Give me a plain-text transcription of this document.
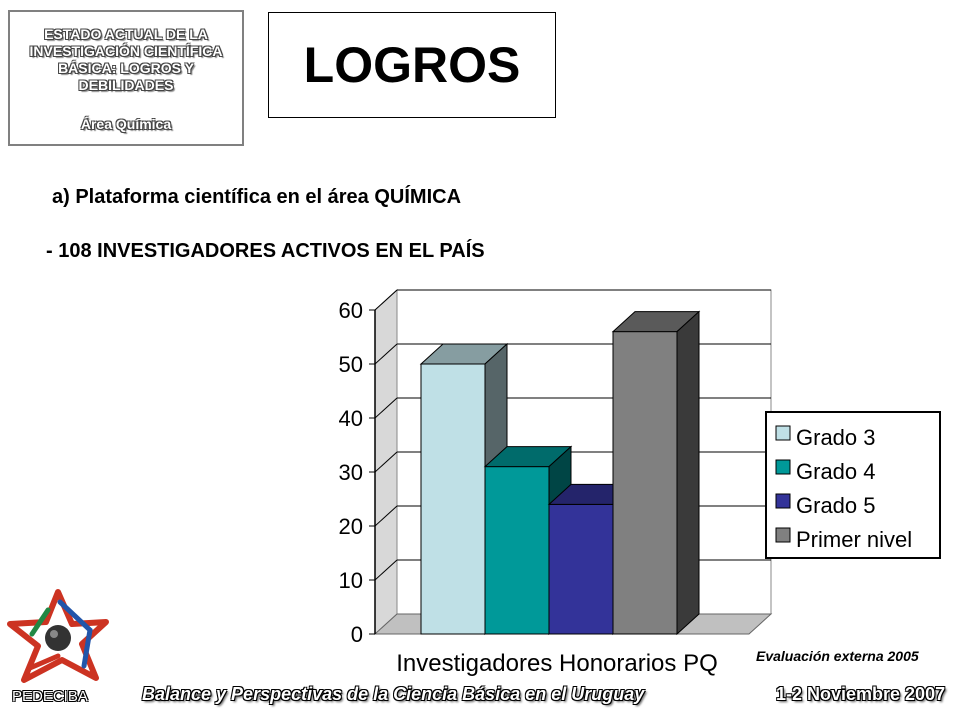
ESTADO ACTUAL DE LA INVESTIGACIÓN CIENTÍFICA BÁSICA: LOGROS Y DEBILIDADES
Área Química
LOGROS
a) Plataforma científica en el área QUÍMICA
- 108 INVESTIGADORES ACTIVOS EN EL PAÍS
0
10
20
30
40
50
60
Grado 3
Grado 4
Grado 5
Primer nivel
Investigadores Honorarios PQ	Evaluación externa 2005
PEDECIBA	Balance y Perspectivas de la Ciencia Básica en el Uruguay	1-2 Noviembre 2007
